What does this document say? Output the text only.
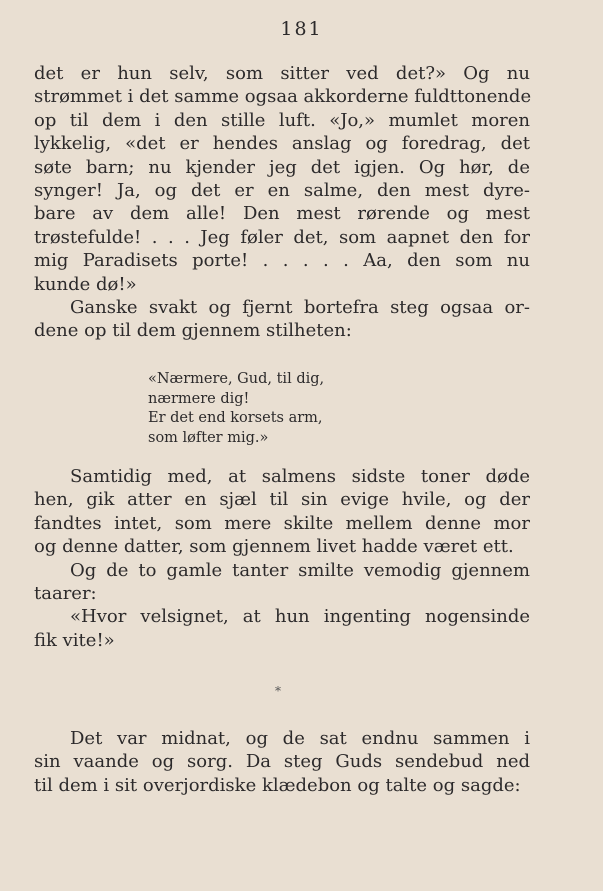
181
det er hun selv, som sitter ved det?» Og nu
strømmet i det samme ogsaa akkorderne fuldttonende
op til dem i den stille luft. «Jo,» mumlet moren
lykkelig, «det er hendes anslag og foredrag, det
søte barn; nu kjender jeg det igjen. Og hør, de
synger! Ja, og det er en salme, den mest dyre-
bare av dem alle! Den mest rørende og mest
trøstefulde! . . . Jeg føler det, som aapnet den for
mig Paradisets porte! . . . . . Aa, den som nu
kunde dø!»
Ganske svakt og fjernt bortefra steg ogsaa or-
dene op til dem gjennem stilheten:
«Nærmere, Gud, til dig,
nærmere dig!
Er det end korsets arm,
som løfter mig.»
Samtidig med, at salmens sidste toner døde
hen, gik atter en sjæl til sin evige hvile, og der
fandtes intet, som mere skilte mellem denne mor
og denne datter, som gjennem livet hadde været ett.
Og de to gamle tanter smilte vemodig gjennem
taarer:
«Hvor velsignet, at hun ingenting nogensinde
fik vite!»
*
Det var midnat, og de sat endnu sammen i
sin vaande og sorg. Da steg Guds sendebud ned
til dem i sit overjordiske klædebon og talte og sagde:
